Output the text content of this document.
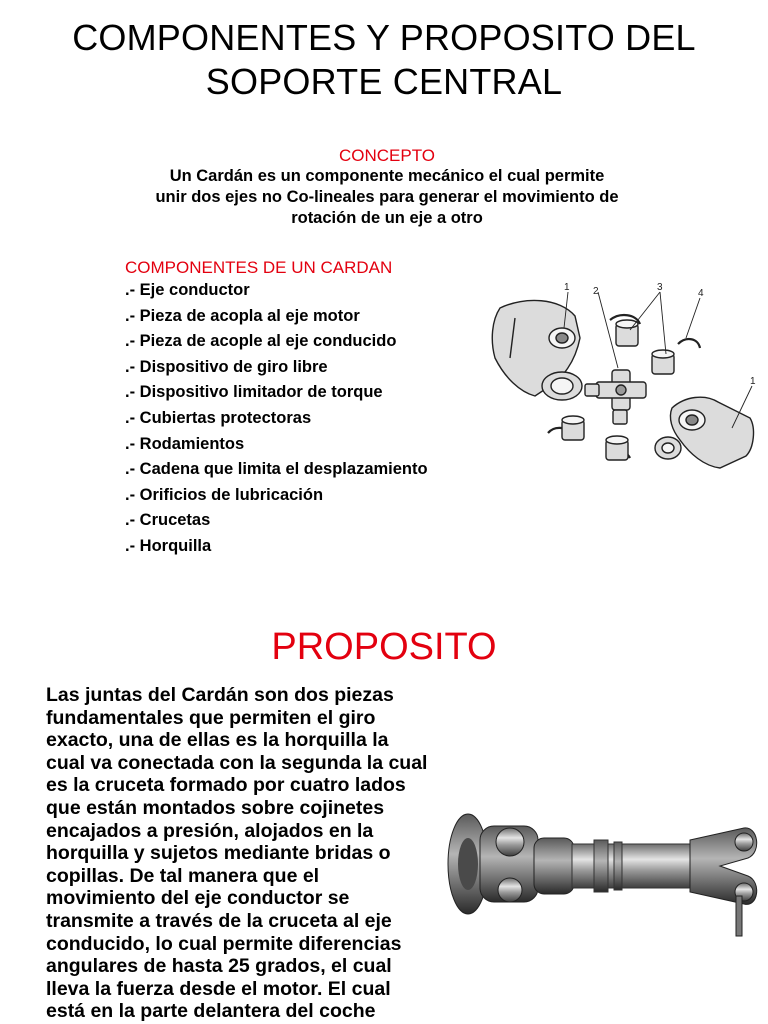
COMPONENTES Y PROPOSITO DEL
SOPORTE CENTRAL
CONCEPTO
Un Cardán es un componente mecánico el cual permite
unir dos ejes no Co-lineales para generar el movimiento de
rotación de un eje a otro
COMPONENTES DE UN CARDAN
.- Eje conductor
.- Pieza de acopla al eje motor
.- Pieza de acople al eje conducido
.- Dispositivo de giro libre
.- Dispositivo limitador de torque
.- Cubiertas protectoras
.- Rodamientos
.- Cadena que limita el desplazamiento
.- Orificios de lubricación
.- Crucetas
.- Horquilla
1 2	3
4
1
PROPOSITO
Las juntas del Cardán son dos piezas
fundamentales que permiten el giro
exacto, una de ellas es la horquilla la
cual va conectada con la segunda la cual
es la cruceta formado por cuatro lados
que están montados sobre cojinetes
encajados a presión, alojados en la
horquilla y sujetos mediante bridas o
copillas. De tal manera que el
movimiento del eje conductor se
transmite a través de la cruceta al eje
conducido, lo cual permite diferencias
angulares de hasta 25 grados, el cual
lleva la fuerza desde el motor. El cual
está en la parte delantera del coche
